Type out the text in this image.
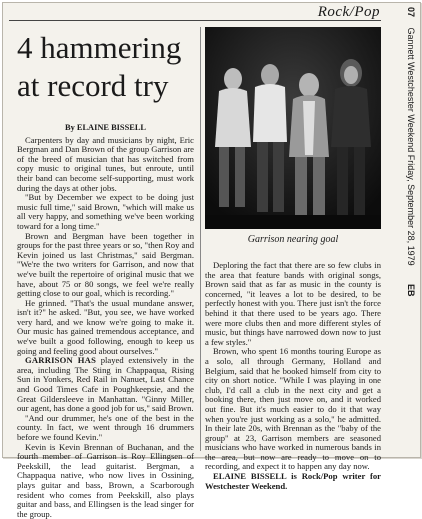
Rock/Pop	07 Gannett Westchester Weekend Friday, September 28, 1979 EB
4 hammering
at record try

By ELAINE BISSELL

Carpenters by day and musicians by night, Eric Bergman and Dan Brown of the group Garrison are of the breed of musician that has switched from copy music to original tunes, but enroute, until their band can become self-supporting, must work during the days at other jobs.

"But by December we expect to be doing just music full time," said Brown, "which will make us all very happy, and something we've been working toward for a long time."

Brown and Bergman have been together in groups for the past three years or so, "then Roy and Kevin joined us last Christmas," said Bergman. "We're the two writers for Garrison, and now that we've built the repertoire of original music that we have, about 75 or 80 songs, we feel we're really getting close to our goal, which is recording."

He grinned. "That's the usual mundane answer, isn't it?" he asked. "But, you see, we have worked very hard, and we know we're going to make it. Our music has gained tremendous acceptance, and we've built a good following, enough to keep us going and feeling good about ourselves."

GARRISON HAS played extensively in the area, including The Sting in Chappaqua, Rising Sun in Yonkers, Red Rail in Nanuet, Last Chance and Good Times Cafe in Poughkeepsie, and the Great Gildersleeve in Manhattan. "Ginny Miller, our agent, has done a good job for us," said Brown.

"And our drummer, he's one of the best in the county. In fact, we went through 16 drummers before we found Kevin."

Kevin is Kevin Brennan of Buchanan, and the fourth member of Garrison is Roy Ellingsen of Peekskill, the lead guitarist. Bergman, a Chappaqua native, who now lives in Ossining, plays guitar and bass, Brown, a Scarborough resident who comes from Peekskill, also plays guitar and bass, and Ellingsen is the lead singer for the group.

Garrison nearing goal

Deploring the fact that there are so few clubs in the area that feature bands with original songs, Brown said that as far as music in the county is concerned, "it leaves a lot to be desired, to be perfectly honest with you. There just isn't the force behind it that there used to be years ago. There were more clubs then and more different styles of music, but things have narrowed down now to just a few styles."

Brown, who spent 16 months touring Europe as a solo, all through Germany, Holland and Belgium, said that he booked himself from city to city on short notice. "While I was playing in one club, I'd call a club in the next city and get a booking there, then just move on, and it worked out fine. But it's much easier to do it that way when you're just working as a solo," he admitted. In their late 20s, with Brennan as the "baby of the group" at 23, Garrison members are seasoned musicians who have worked in numerous bands in the area, but now are ready to move on to recording, and expect it to happen any day now.

ELAINE BISSELL is Rock/Pop writer for Westchester Weekend.
